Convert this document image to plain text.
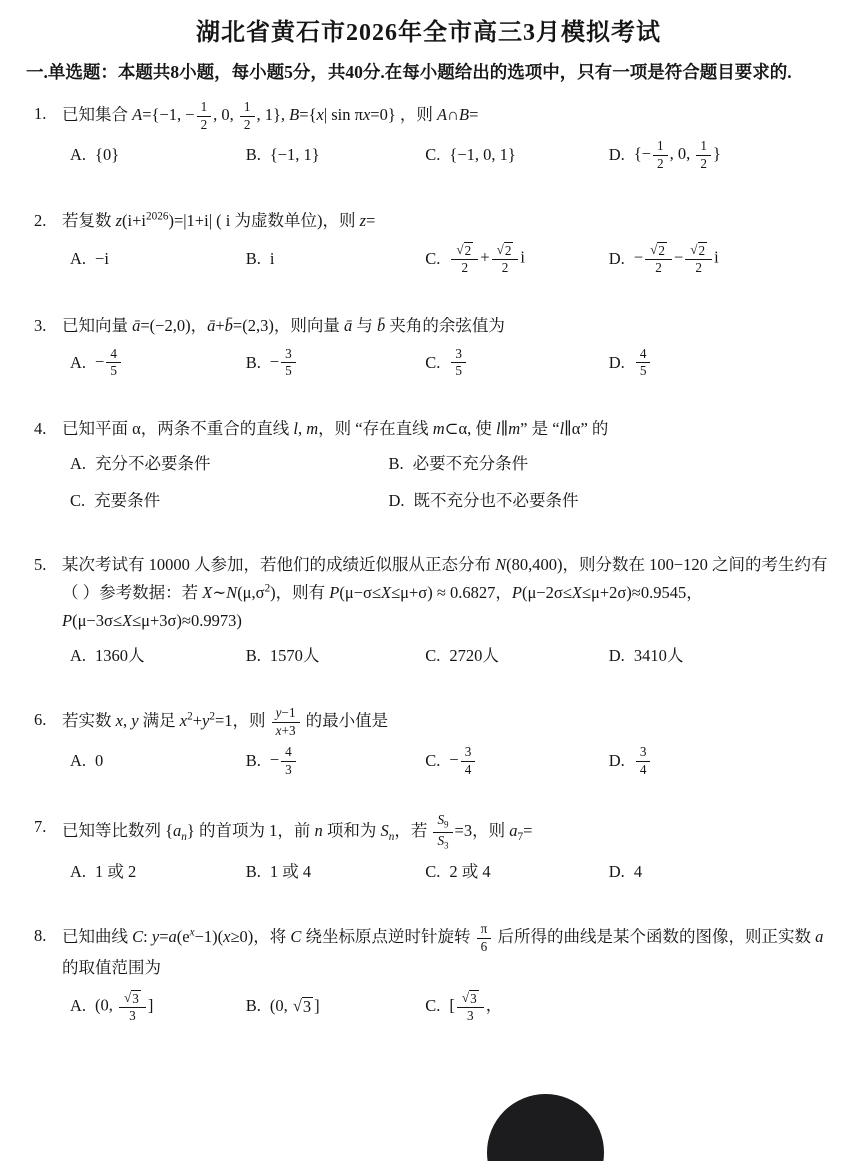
湖北省黄石市2026年全市高三3月模拟考试
一.单选题：本题共8小题，每小题5分，共40分.在每小题给出的选项中，只有一项是符合题目要求的.
1. 已知集合 A={−1, − $\frac{1}{2}$ , 0, $\frac{1}{2}$ , 1}, B={x| sin πx=0} ，则 A∩B=
A. {0}	B. {−1, 1}	C. {−1, 0, 1}	D. {− $\frac{1}{2}$ , 0, $\frac{1}{2}$ }
2. 若复数 $z(i+i^{2026})=|1+i|$ ( i 为虚数单位)，则 z=
A. −i	B. i	C. $\frac{√ 2}{2} + \frac{√ 2}{2}$ i	D. − $\frac{√ 2}{2} - \frac{√ 2}{2}$ i
3. 已知向量 ā=(−2,0)，ā+b̄=(2,3)，则向量 ā 与 b̄ 夹角的余弦值为
A. − $\frac{4}{5}$	B. − $\frac{3}{5}$	C. $\frac{3}{5}$	D. $\frac{4}{5}$
4. 已知平面 α，两条不重合的直线 l, m，则 “存在直线 m⊂α, 使 l∥m” 是 “l∥α” 的
A. 充分不必要条件	B. 必要不充分条件
C. 充要条件	D. 既不充分也不必要条件
5. 某次考试有 10000 人参加，若他们的成绩近似服从正态分布 N(80,400)，则分数在 100−120 之间的考生约有（ ）参考数据：若 $X\sim N(\mu,\sigma^2)$，则有 P(μ−σ≤X≤μ+σ) ≈ 0.6827，P(μ−2σ≤X≤μ+2σ)≈0.9545，P(μ−3σ≤X≤μ+3σ)≈0.9973)
A. 1360人	B. 1570人	C. 2720人	D. 3410人
6. 若实数 x, y 满足 $x^2+y^2=1$，则 $\frac{y-1}{x+3}$ 的最小值是
A. 0	B. − $\frac{4}{3}$	C. − $\frac{3}{4}$	D. $\frac{3}{4}$
7. 已知等比数列 $\{a_n\}$ 的首项为 1，前 n 项和为 $S_n$，若 $\frac{S_9}{S_3} =3$，则 $a_7=$
A. 1 或 2	B. 1 或 4	C. 2 或 4	D. 4
8. 已知曲线 C: $y=a(e^x-1)(x\ge 0)$，将 C 绕坐标原点逆时针旋转 $\frac{\pi}{6}$ 后所得的曲线是某个函数的图像，则正实数 a 的取值范围为
A. (0, $\frac{√ 3}{3}$ ]	B. (0, √ 3 ]	C. [ $\frac{√ 3}{3}$ ，
